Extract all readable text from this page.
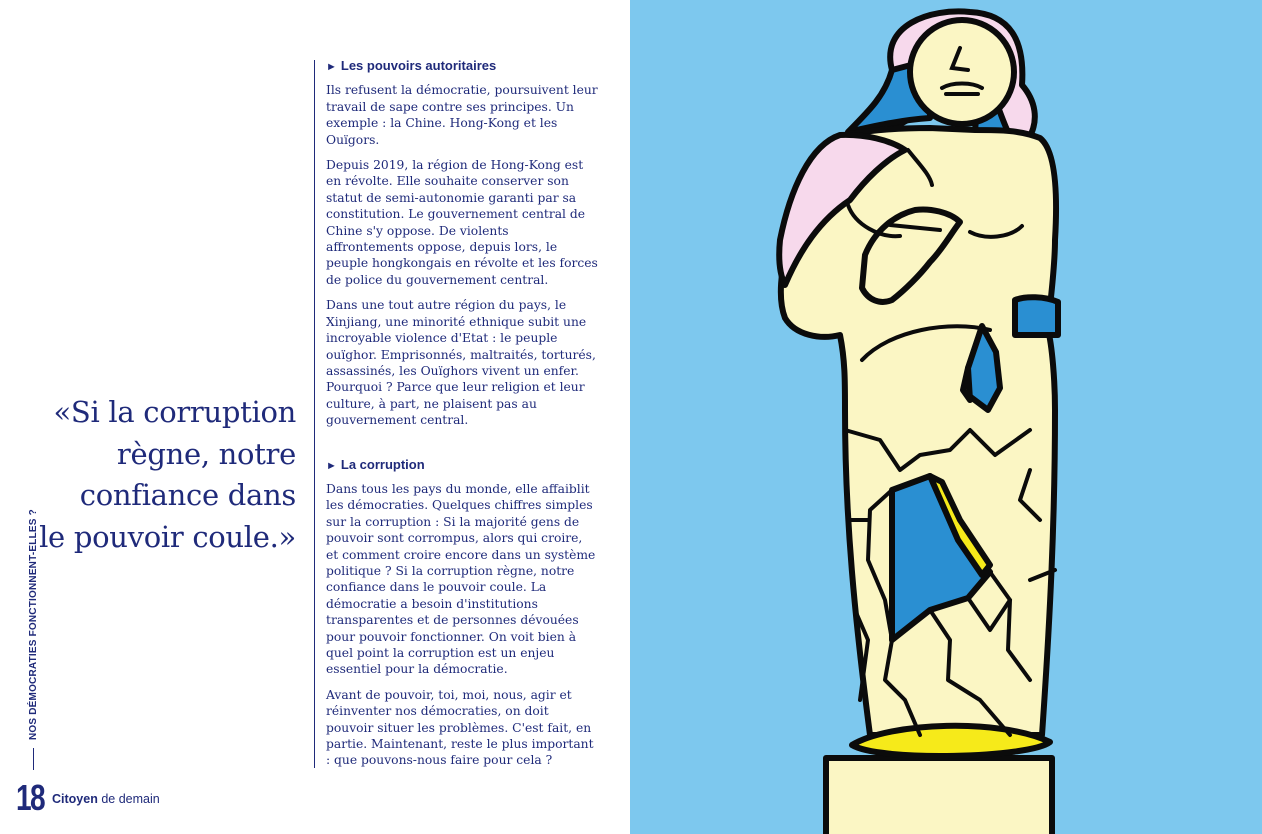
«Si la corruption
règne, notre
confiance dans
le pouvoir coule.»
► Les pouvoirs autoritaires

Ils refusent la démocratie, poursuivent leur travail de sape contre ses principes. Un exemple : la Chine. Hong-Kong et les Ouïgors.

Depuis 2019, la région de Hong-Kong est en révolte. Elle souhaite conserver son statut de semi-autonomie garanti par sa constitution. Le gouvernement central de Chine s'y oppose. De violents affrontements oppose, depuis lors, le peuple hongkongais en révolte et les forces de police du gouvernement central.

Dans une tout autre région du pays, le Xinjiang, une minorité ethnique subit une incroyable violence d'Etat : le peuple ouïghor. Emprisonnés, maltraités, torturés, assassinés, les Ouïghors vivent un enfer. Pourquoi ? Parce que leur religion et leur culture, à part, ne plaisent pas au gouvernement central.

► La corruption

Dans tous les pays du monde, elle affaiblit les démocraties. Quelques chiffres simples sur la corruption : Si la majorité gens de pouvoir sont corrompus, alors qui croire, et comment croire encore dans un système politique ? Si la corruption règne, notre confiance dans le pouvoir coule. La démocratie a besoin d'institutions transparentes et de personnes dévouées pour pouvoir fonctionner. On voit bien à quel point la corruption est un enjeu essentiel pour la démocratie.

Avant de pouvoir, toi, moi, nous, agir et réinventer nos démocraties, on doit pouvoir situer les problèmes. C'est fait, en partie. Maintenant, reste le plus important : que pouvons-nous faire pour cela ?

NOS DÉMOCRATIES FONCTIONNENT-ELLES ?
18 Citoyen de demain
